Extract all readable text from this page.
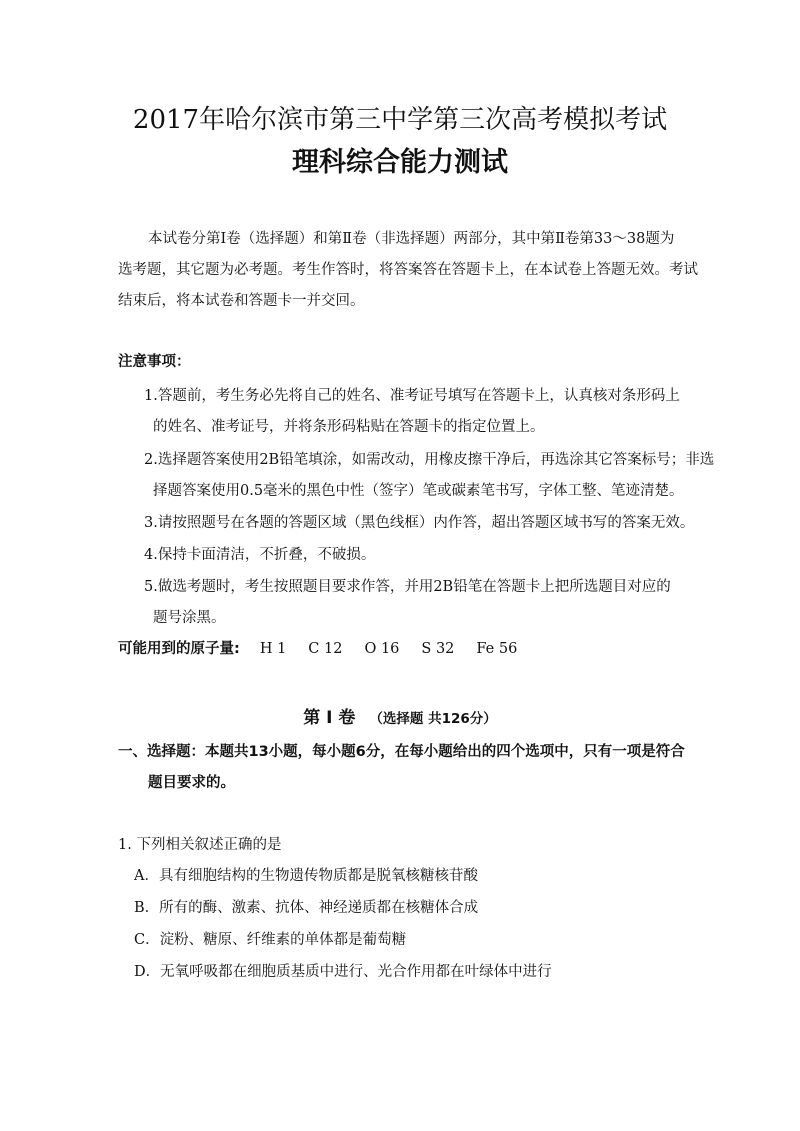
2017年哈尔滨市第三中学第三次高考模拟考试
理科综合能力测试
本试卷分第Ⅰ卷（选择题）和第Ⅱ卷（非选择题）两部分，其中第Ⅱ卷第33～38题为
选考题，其它题为必考题。考生作答时，将答案答在答题卡上，在本试卷上答题无效。考试
结束后，将本试卷和答题卡一并交回。
注意事项：
1.答题前，考生务必先将自己的姓名、准考证号填写在答题卡上，认真核对条形码上
的姓名、准考证号，并将条形码粘贴在答题卡的指定位置上。
2.选择题答案使用2B铅笔填涂，如需改动，用橡皮擦干净后，再选涂其它答案标号；非选
择题答案使用0.5毫米的黑色中性（签字）笔或碳素笔书写，字体工整、笔迹清楚。
3.请按照题号在各题的答题区域（黑色线框）内作答，超出答题区域书写的答案无效。
4.保持卡面清洁，不折叠，不破损。
5.做选考题时，考生按照题目要求作答，并用2B铅笔在答题卡上把所选题目对应的
题号涂黑。
可能用到的原子量: H 1 C 12 O 16 S 32 Fe 56
第 I 卷 （选择题 共126分）
一、选择题：本题共13小题，每小题6分，在每小题给出的四个选项中，只有一项是符合
题目要求的。
1. 下列相关叙述正确的是
A．具有细胞结构的生物遗传物质都是脱氧核糖核苷酸
B．所有的酶、激素、抗体、神经递质都在核糖体合成
C．淀粉、糖原、纤维素的单体都是葡萄糖
D．无氧呼吸都在细胞质基质中进行、光合作用都在叶绿体中进行
